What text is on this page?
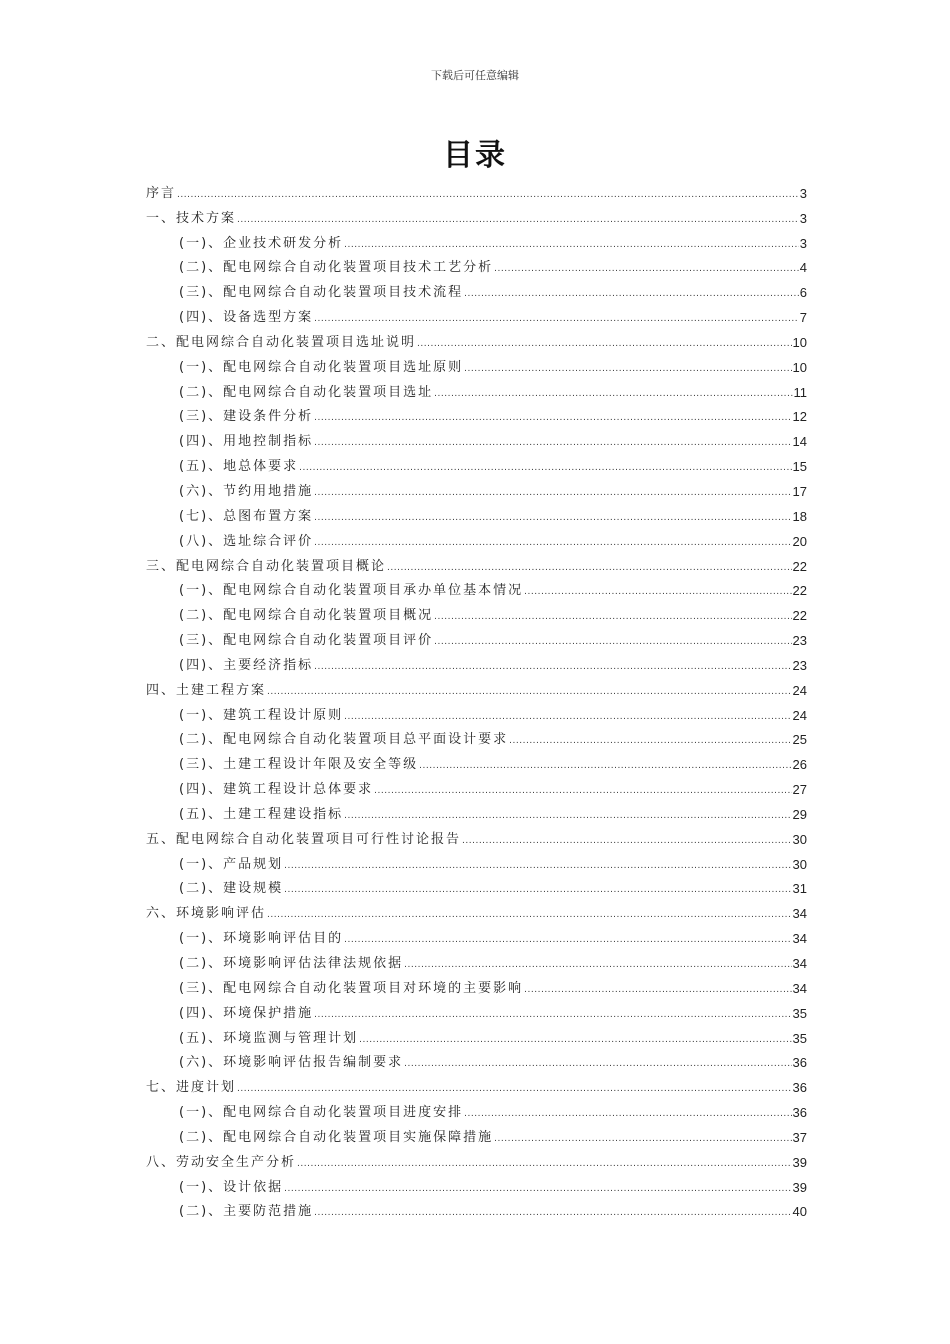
下载后可任意编辑
目录
序言 .....	3
一、技术方案 .....	3
(一)、企业技术研发分析 .....	3
(二)、配电网综合自动化装置项目技术工艺分析 .....	4
(三)、配电网综合自动化装置项目技术流程 .....	6
(四)、设备选型方案 .....	7
二、配电网综合自动化装置项目选址说明 .....	10
(一)、配电网综合自动化装置项目选址原则 .....	10
(二)、配电网综合自动化装置项目选址 .....	11
(三)、建设条件分析 .....	12
(四)、用地控制指标 .....	14
(五)、地总体要求 .....	15
(六)、节约用地措施 .....	17
(七)、总图布置方案 .....	18
(八)、选址综合评价 .....	20
三、配电网综合自动化装置项目概论 .....	22
(一)、配电网综合自动化装置项目承办单位基本情况 .....	22
(二)、配电网综合自动化装置项目概况 .....	22
(三)、配电网综合自动化装置项目评价 .....	23
(四)、主要经济指标 .....	23
四、土建工程方案 .....	24
(一)、建筑工程设计原则 .....	24
(二)、配电网综合自动化装置项目总平面设计要求 .....	25
(三)、土建工程设计年限及安全等级 .....	26
(四)、建筑工程设计总体要求 .....	27
(五)、土建工程建设指标 .....	29
五、配电网综合自动化装置项目可行性讨论报告 .....	30
(一)、产品规划 .....	30
(二)、建设规模 .....	31
六、环境影响评估 .....	34
(一)、环境影响评估目的 .....	34
(二)、环境影响评估法律法规依据 .....	34
(三)、配电网综合自动化装置项目对环境的主要影响 .....	34
(四)、环境保护措施 .....	35
(五)、环境监测与管理计划 .....	35
(六)、环境影响评估报告编制要求 .....	36
七、进度计划 .....	36
(一)、配电网综合自动化装置项目进度安排 .....	36
(二)、配电网综合自动化装置项目实施保障措施 .....	37
八、劳动安全生产分析 .....	39
(一)、设计依据 .....	39
(二)、主要防范措施 .....	40
